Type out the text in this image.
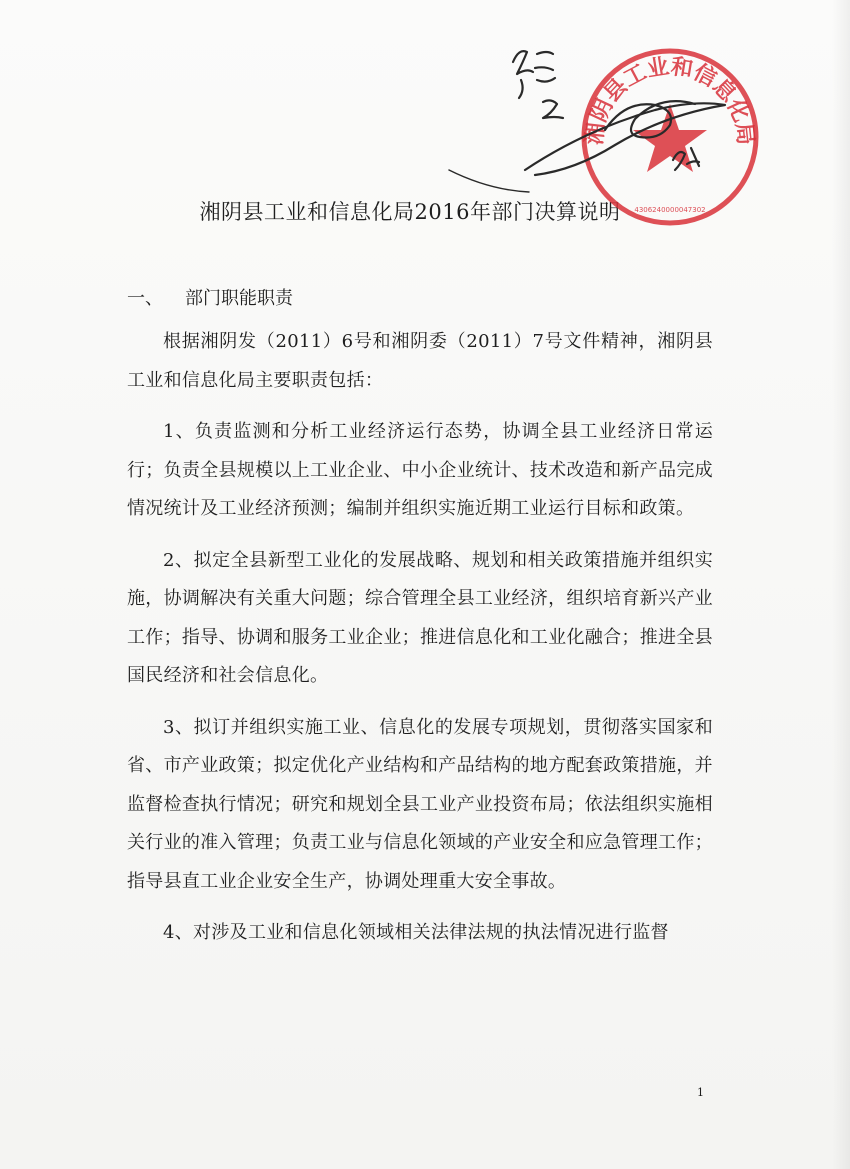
湘阴县工业和信息化局2016年部门决算说明
一、 部门职能职责

根据湘阴发（2011）6号和湘阴委（2011）7号文件精神，湘阴县工业和信息化局主要职责包括：

1、负责监测和分析工业经济运行态势，协调全县工业经济日常运行；负责全县规模以上工业企业、中小企业统计、技术改造和新产品完成情况统计及工业经济预测；编制并组织实施近期工业运行目标和政策。

2、拟定全县新型工业化的发展战略、规划和相关政策措施并组织实施，协调解决有关重大问题；综合管理全县工业经济，组织培育新兴产业工作；指导、协调和服务工业企业；推进信息化和工业化融合；推进全县国民经济和社会信息化。

3、拟订并组织实施工业、信息化的发展专项规划，贯彻落实国家和省、市产业政策；拟定优化产业结构和产品结构的地方配套政策措施，并监督检查执行情况；研究和规划全县工业产业投资布局；依法组织实施相关行业的准入管理；负责工业与信息化领域的产业安全和应急管理工作；指导县直工业企业安全生产，协调处理重大安全事故。

4、对涉及工业和信息化领域相关法律法规的执法情况进行监督

1
湘阴县工业和信息化局
4306240000047302
